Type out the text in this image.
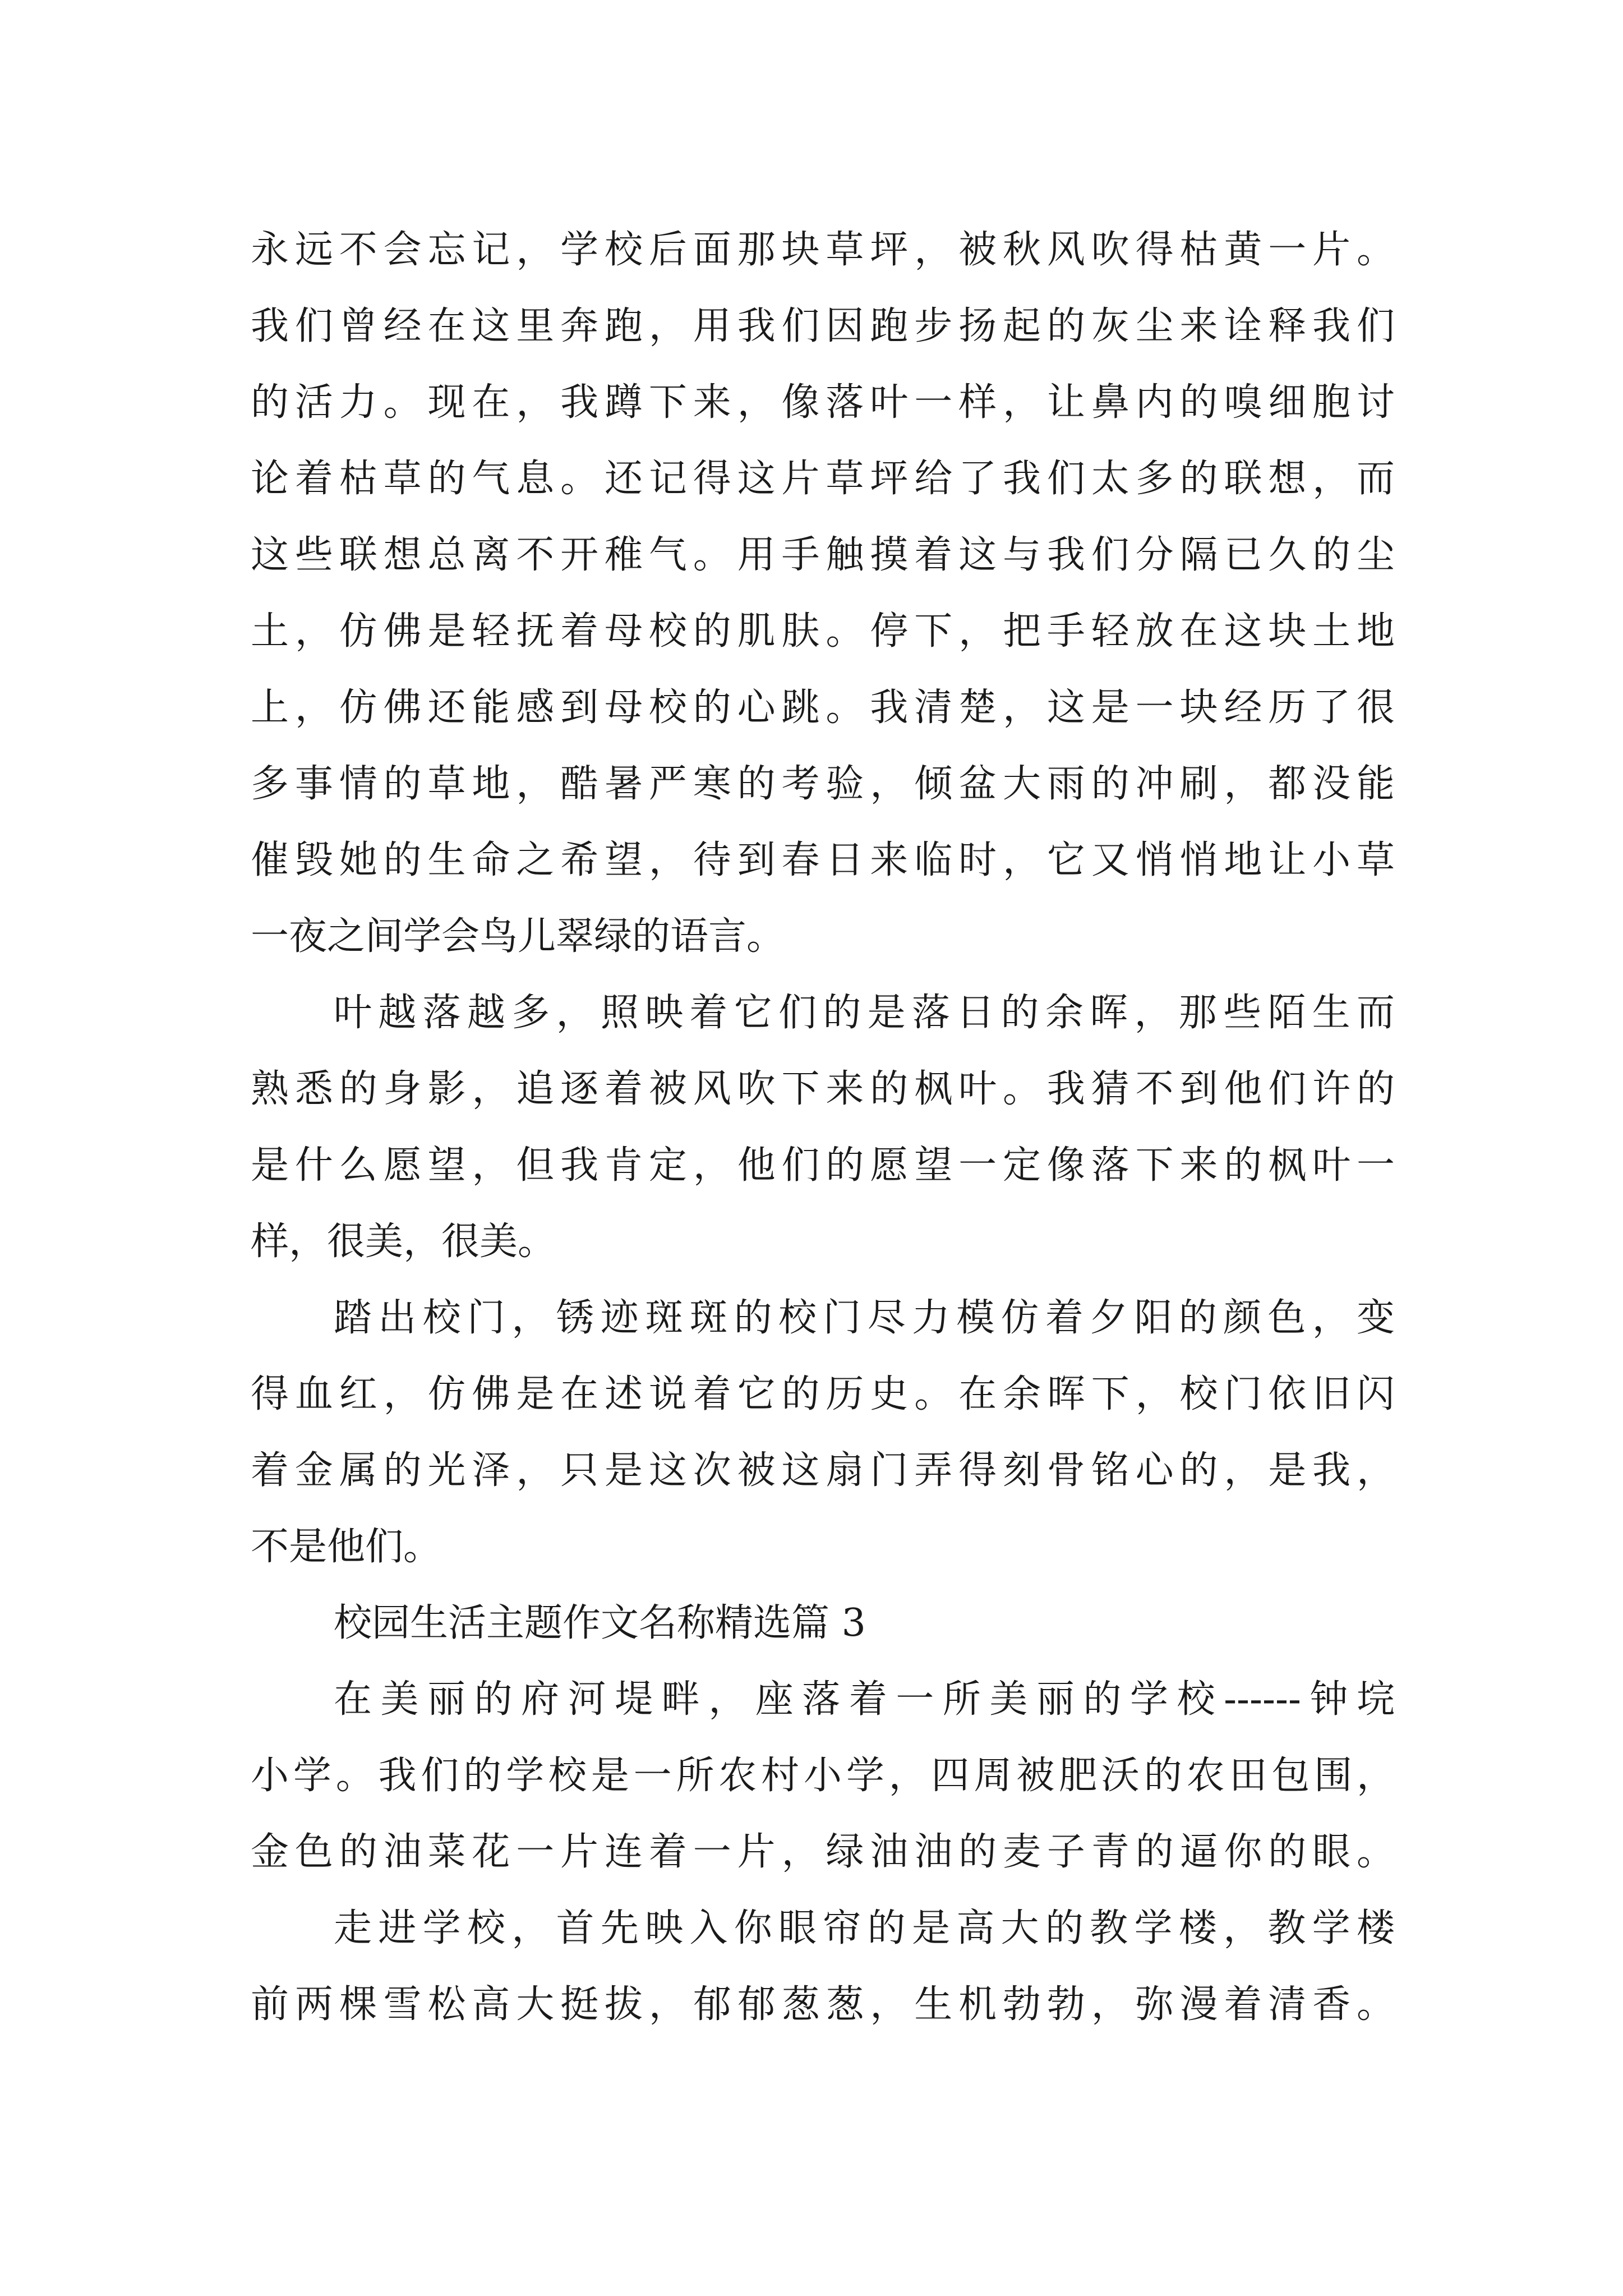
永远不会忘记，学校后面那块草坪，被秋风吹得枯黄一片。
我们曾经在这里奔跑，用我们因跑步扬起的灰尘来诠释我们
的活力。现在，我蹲下来，像落叶一样，让鼻内的嗅细胞讨
论着枯草的气息。还记得这片草坪给了我们太多的联想，而
这些联想总离不开稚气。用手触摸着这与我们分隔已久的尘
土，仿佛是轻抚着母校的肌肤。停下，把手轻放在这块土地
上，仿佛还能感到母校的心跳。我清楚，这是一块经历了很
多事情的草地，酷暑严寒的考验，倾盆大雨的冲刷，都没能
催毁她的生命之希望，待到春日来临时，它又悄悄地让小草
一夜之间学会鸟儿翠绿的语言。
叶越落越多，照映着它们的是落日的余晖，那些陌生而
熟悉的身影，追逐着被风吹下来的枫叶。我猜不到他们许的
是什么愿望，但我肯定，他们的愿望一定像落下来的枫叶一
样，很美，很美。
踏出校门，锈迹斑斑的校门尽力模仿着夕阳的颜色，变
得血红，仿佛是在述说着它的历史。在余晖下，校门依旧闪
着金属的光泽，只是这次被这扇门弄得刻骨铭心的，是我，
不是他们。
校园生活主题作文名称精选篇 3
在美丽的府河堤畔，座落着一所美丽的学校------钟垸
小学。我们的学校是一所农村小学，四周被肥沃的农田包围，
金色的油菜花一片连着一片，绿油油的麦子青的逼你的眼。
走进学校，首先映入你眼帘的是高大的教学楼，教学楼
前两棵雪松高大挺拔，郁郁葱葱，生机勃勃，弥漫着清香。
